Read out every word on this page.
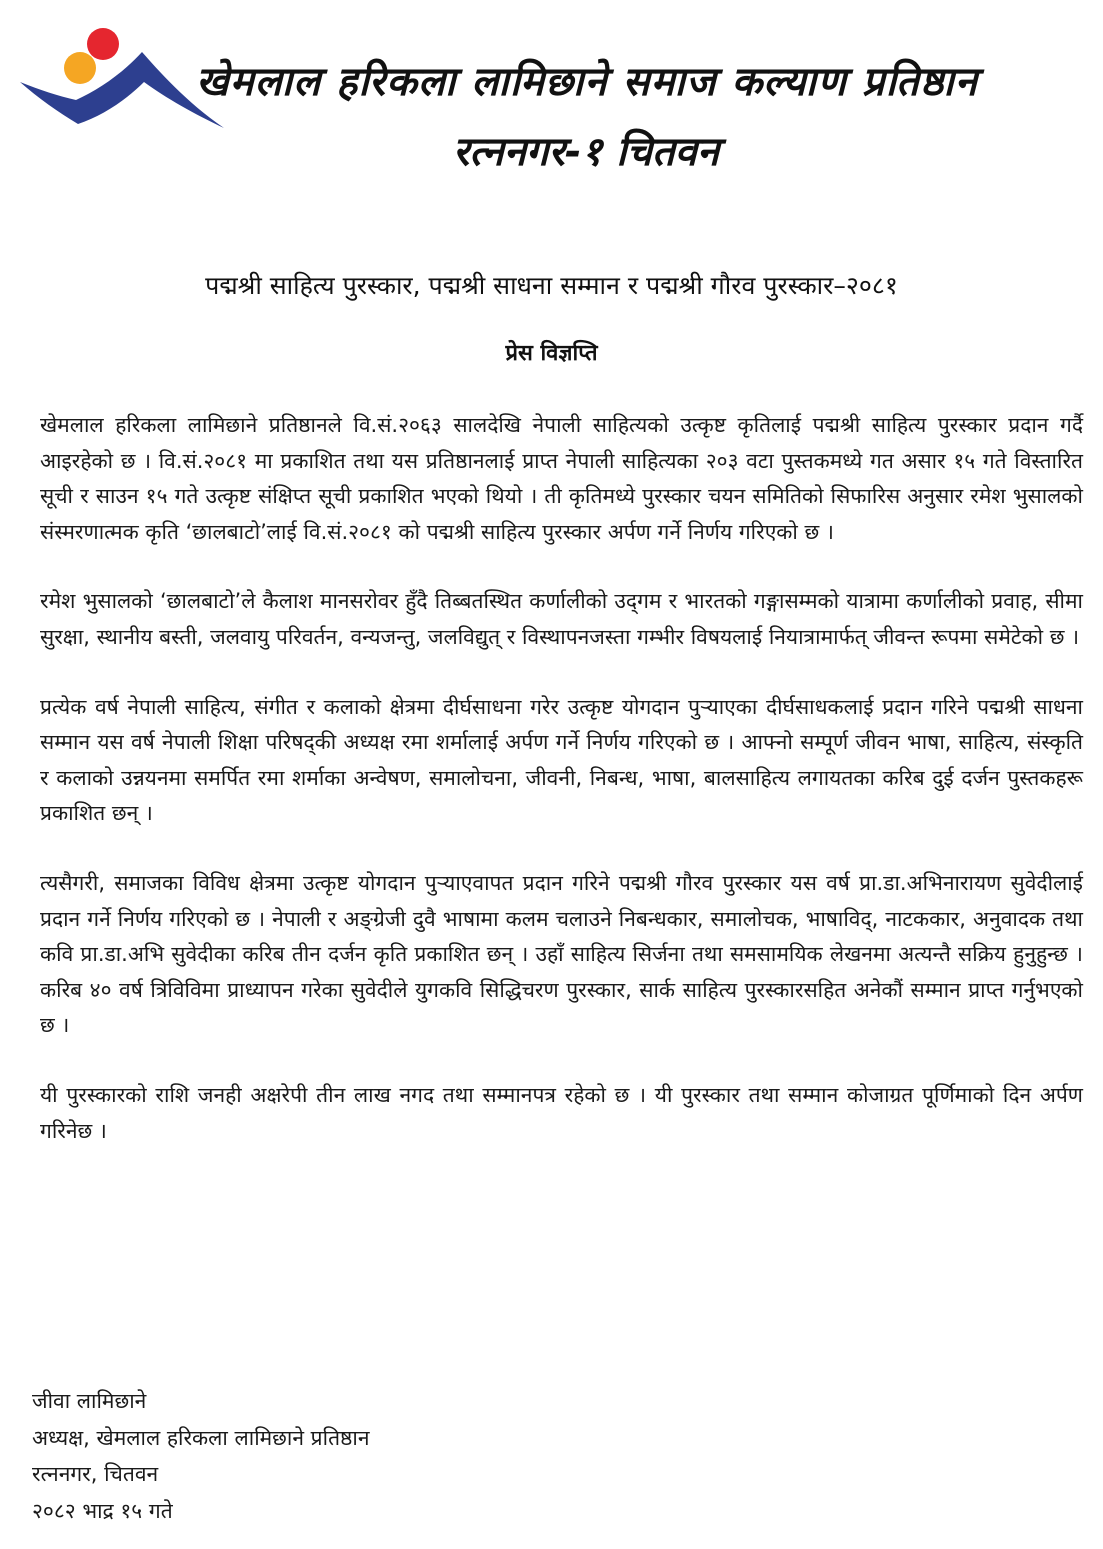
खेमलाल हरिकला लामिछाने समाज कल्याण प्रतिष्ठान
रत्ननगर-१ चितवन
पद्मश्री साहित्य पुरस्कार, पद्मश्री साधना सम्मान र पद्मश्री गौरव पुरस्कार–२०८१
प्रेस विज्ञप्ति

खेमलाल हरिकला लामिछाने प्रतिष्ठानले वि.सं.२०६३ सालदेखि नेपाली साहित्यको उत्कृष्ट कृतिलाई पद्मश्री साहित्य पुरस्कार प्रदान गर्दै आइरहेको छ । वि.सं.२०८१ मा प्रकाशित तथा यस प्रतिष्ठानलाई प्राप्त नेपाली साहित्यका २०३ वटा पुस्तकमध्ये गत असार १५ गते विस्तारित सूची र साउन १५ गते उत्कृष्ट संक्षिप्त सूची प्रकाशित भएको थियो । ती कृतिमध्ये पुरस्कार चयन समितिको सिफारिस अनुसार रमेश भुसालको संस्मरणात्मक कृति ‘छालबाटो’लाई वि.सं.२०८१ को पद्मश्री साहित्य पुरस्कार अर्पण गर्ने निर्णय गरिएको छ ।

रमेश भुसालको ‘छालबाटो’ले कैलाश मानसरोवर हुँदै तिब्बतस्थित कर्णालीको उद्‍गम र भारतको गङ्गासम्मको यात्रामा कर्णालीको प्रवाह, सीमा सुरक्षा, स्थानीय बस्ती, जलवायु परिवर्तन, वन्यजन्तु, जलविद्युत् र विस्थापनजस्ता गम्भीर विषयलाई नियात्रामार्फत् जीवन्त रूपमा समेटेको छ ।

प्रत्येक वर्ष नेपाली साहित्य, संगीत र कलाको क्षेत्रमा दीर्घसाधना गरेर उत्कृष्ट योगदान पुर्‍याएका दीर्घसाधकलाई प्रदान गरिने पद्मश्री साधना सम्मान यस वर्ष नेपाली शिक्षा परिषद्‌की अध्यक्ष रमा शर्मालाई अर्पण गर्ने निर्णय गरिएको छ । आफ्नो सम्पूर्ण जीवन भाषा, साहित्य, संस्कृति र कलाको उन्नयनमा समर्पित रमा शर्माका अन्वेषण, समालोचना, जीवनी, निबन्ध, भाषा, बालसाहित्य लगायतका करिब दुई दर्जन पुस्तकहरू प्रकाशित छन् ।

त्यसैगरी, समाजका विविध क्षेत्रमा उत्कृष्ट योगदान पुर्‍याएवापत प्रदान गरिने पद्मश्री गौरव पुरस्कार यस वर्ष प्रा.डा.अभिनारायण सुवेदीलाई प्रदान गर्ने निर्णय गरिएको छ । नेपाली र अङ्ग्रेजी दुवै भाषामा कलम चलाउने निबन्धकार, समालोचक, भाषाविद्, नाटककार, अनुवादक तथा कवि प्रा.डा.अभि सुवेदीका करिब तीन दर्जन कृति प्रकाशित छन् । उहाँ साहित्य सिर्जना तथा समसामयिक लेखनमा अत्यन्तै सक्रिय हुनुहुन्छ । करिब ४० वर्ष त्रिविविमा प्राध्यापन गरेका सुवेदीले युगकवि सिद्धिचरण पुरस्कार, सार्क साहित्य पुरस्कारसहित अनेकौं सम्मान प्राप्त गर्नुभएको छ ।

यी पुरस्कारको राशि जनही अक्षरेपी तीन लाख नगद तथा सम्मानपत्र रहेको छ । यी पुरस्कार तथा सम्मान कोजाग्रत पूर्णिमाको दिन अर्पण गरिनेछ ।

जीवा लामिछाने
अध्यक्ष, खेमलाल हरिकला लामिछाने प्रतिष्ठान
रत्ननगर, चितवन
२०८२ भाद्र १५ गते
